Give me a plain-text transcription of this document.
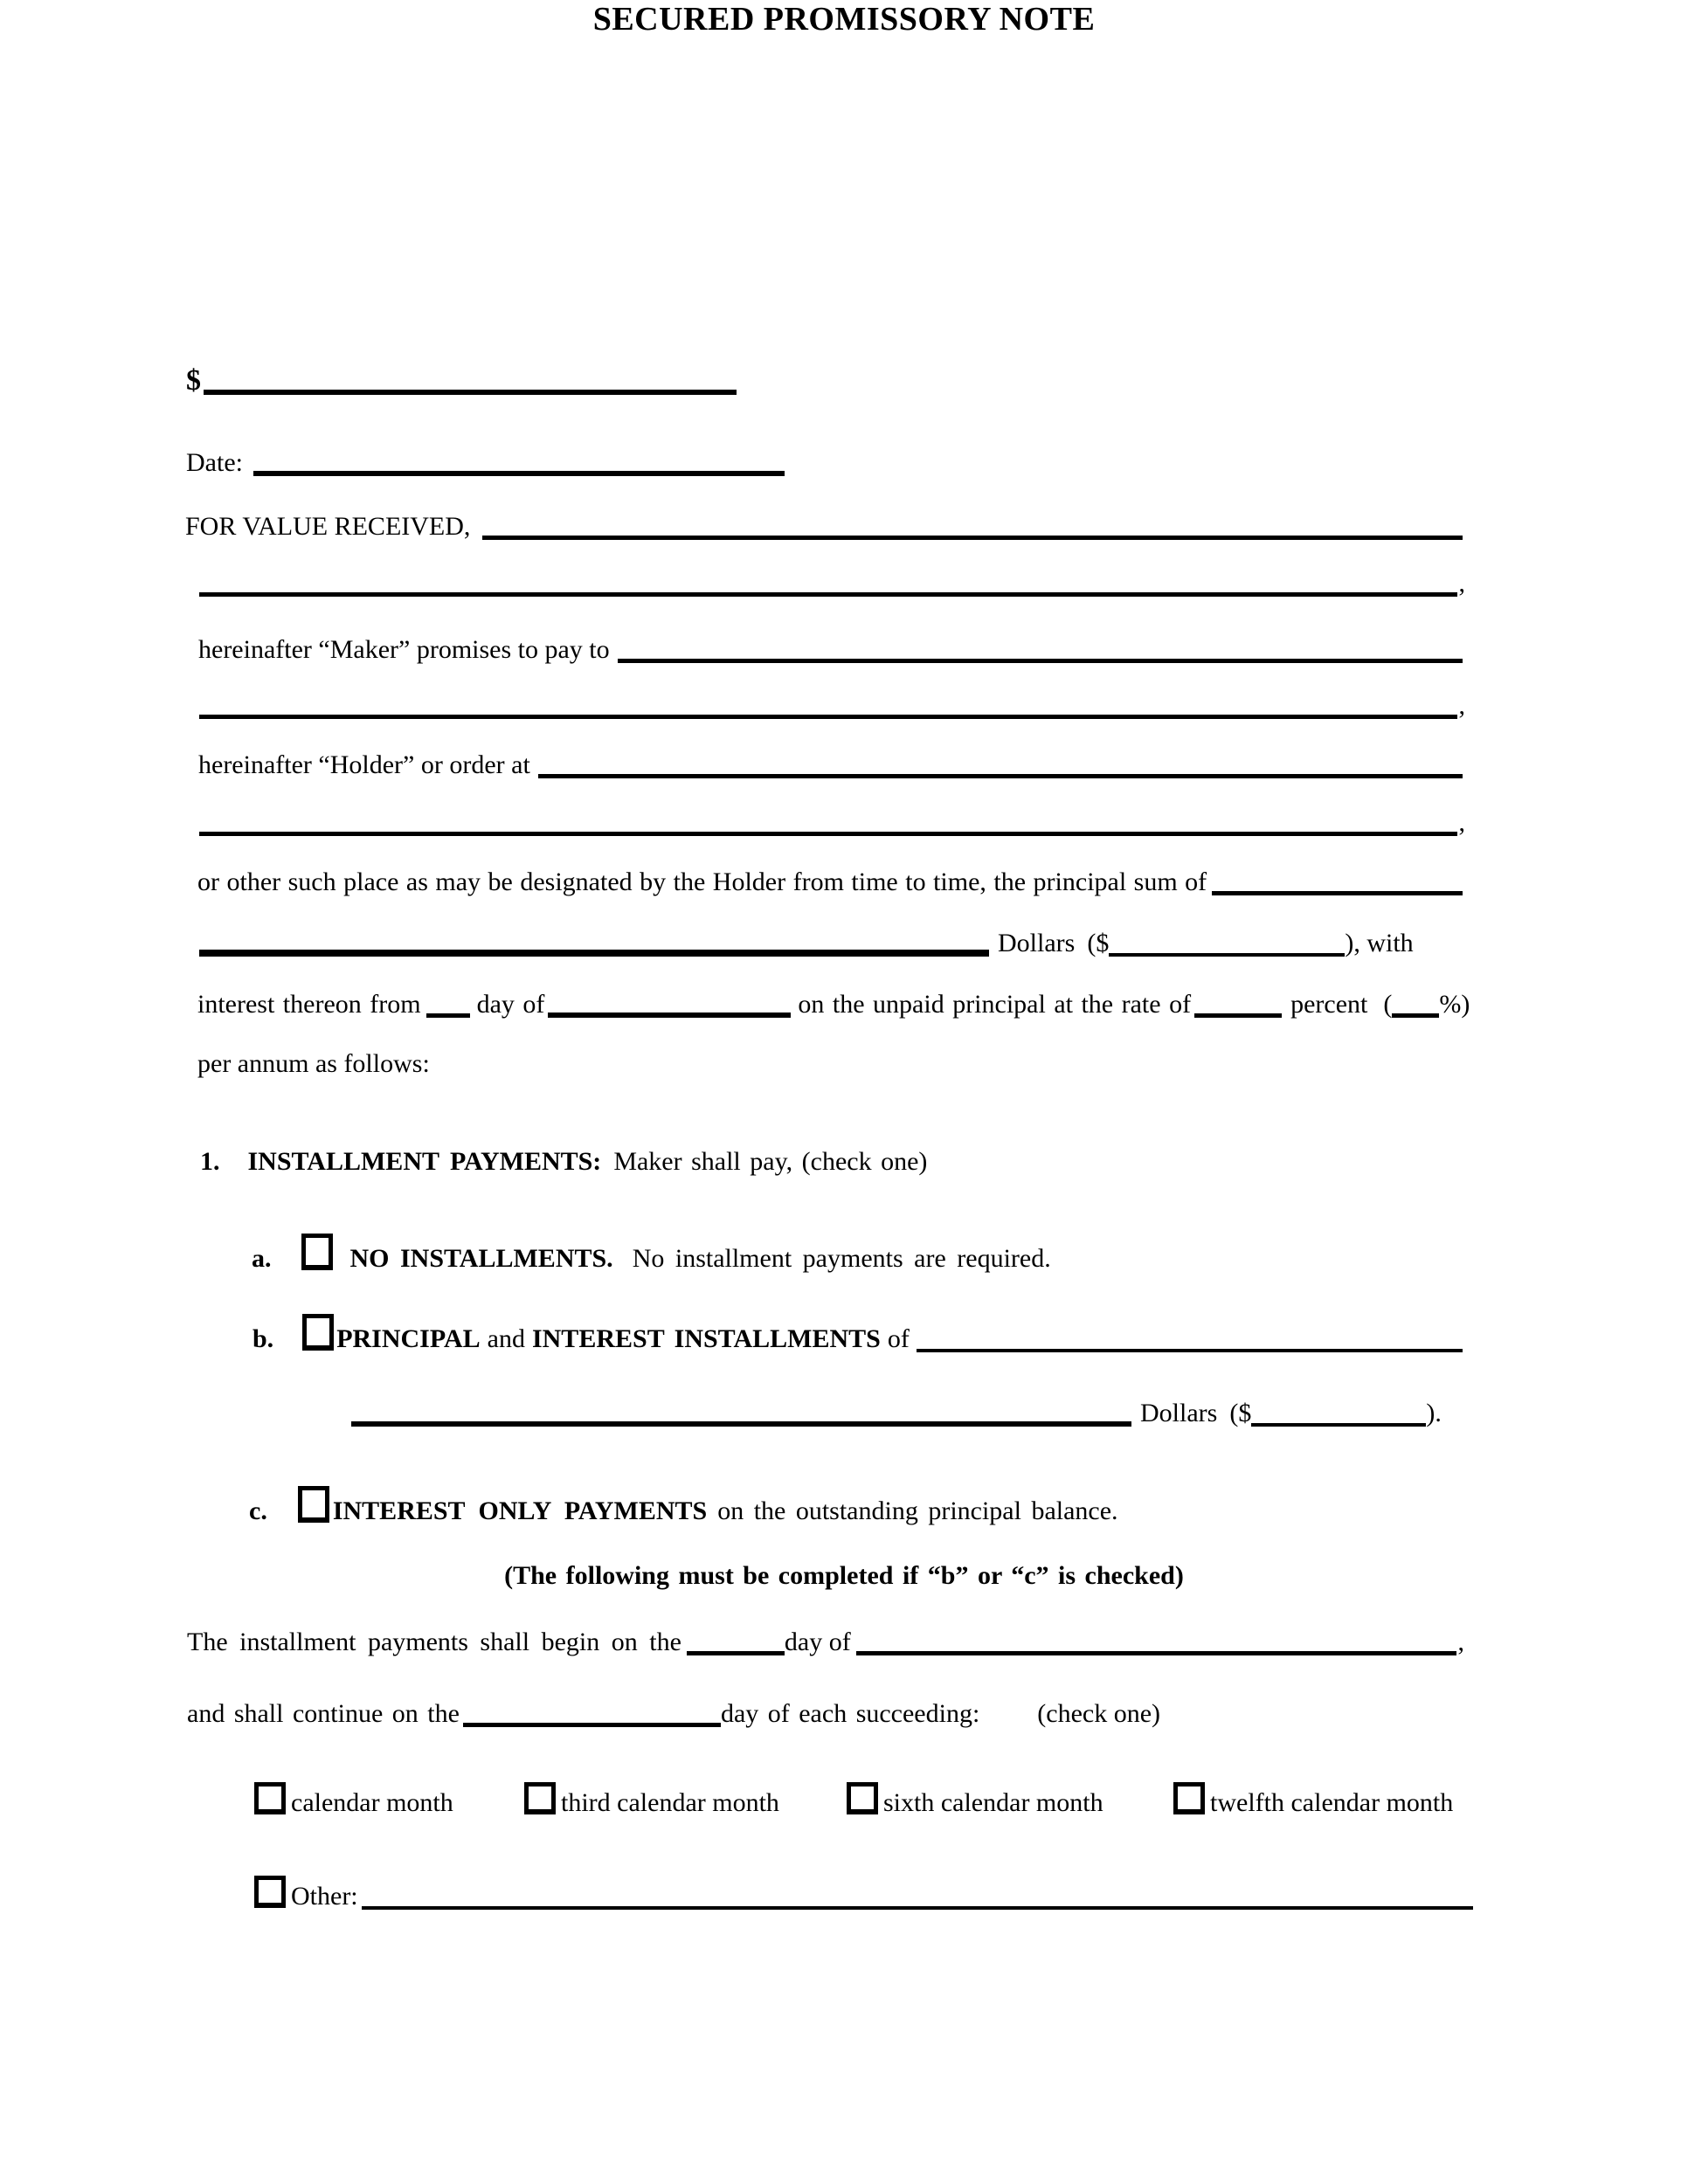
SECURED PROMISSORY NOTE
$
Date:
FOR VALUE RECEIVED,
,
hereinafter “Maker” promises to pay to
,
hereinafter “Holder” or order at
,
or other such place as may be designated by the Holder from time to time, the principal sum of
Dollars ($	), with
interest thereon from day of	on the unpaid principal at the rate of	percent ( %)
per annum as follows:
1. INSTALLMENT PAYMENTS: Maker shall pay, (check one)
a.	NO INSTALLMENTS. No installment payments are required.
b. PRINCIPAL and INTEREST INSTALLMENTS of
Dollars ($	).
c.	INTEREST ONLY PAYMENTS on the outstanding principal balance.
(The following must be completed if “b” or “c” is checked)
The installment payments shall begin on the	day of	,
and shall continue on the	day of each succeeding: (check one)
calendar month	third calendar month	sixth calendar month	twelfth calendar month
Other:
